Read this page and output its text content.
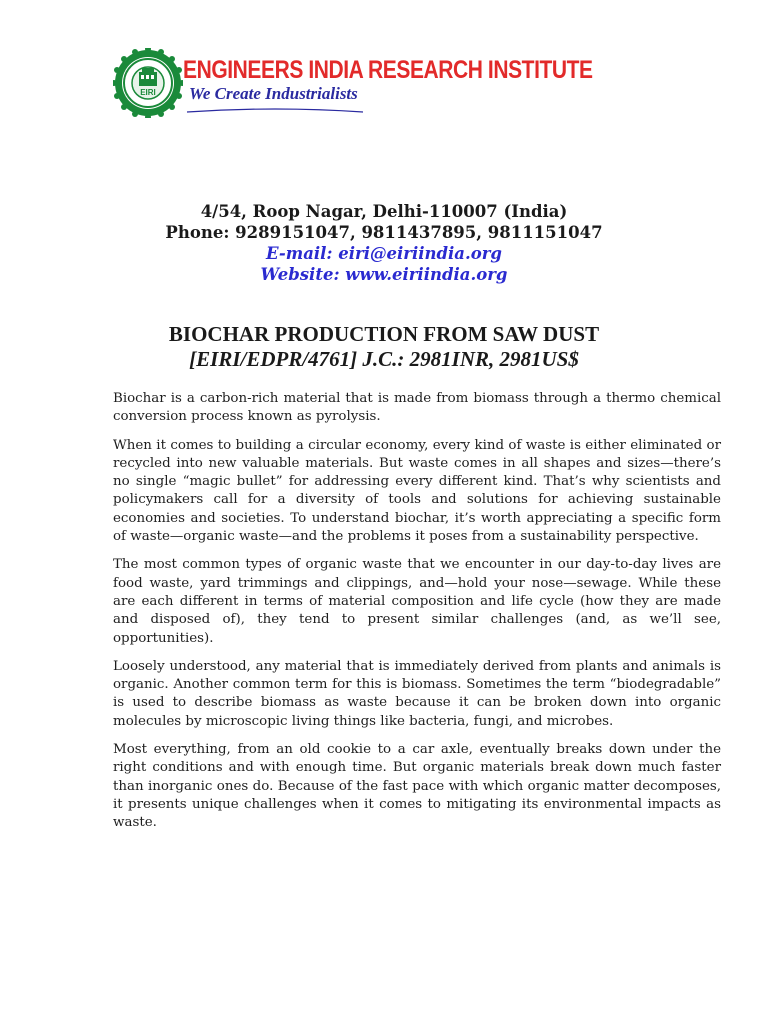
EIRI
ENGINEERS INDIA RESEARCH INSTITUTE
We Create Industrialists
4/54, Roop Nagar, Delhi-110007 (India)
Phone: 9289151047, 9811437895, 9811151047
E-mail: eiri@eiriindia.org
Website: www.eiriindia.org
BIOCHAR PRODUCTION FROM SAW DUST
[EIRI/EDPR/4761] J.C.: 2981INR, 2981US$

Biochar is a carbon-rich material that is made from biomass through a thermo chemical conversion process known as pyrolysis.

When it comes to building a circular economy, every kind of waste is either eliminated or recycled into new valuable materials. But waste comes in all shapes and sizes—there’s no single “magic bullet” for addressing every different kind. That’s why scientists and policymakers call for a diversity of tools and solutions for achieving sustainable economies and societies. To understand biochar, it’s worth appreciating a specific form of waste—organic waste—and the problems it poses from a sustainability perspective.

The most common types of organic waste that we encounter in our day-to-day lives are food waste, yard trimmings and clippings, and—hold your nose—sewage. While these are each different in terms of material composition and life cycle (how they are made and disposed of), they tend to present similar challenges (and, as we’ll see, opportunities).

Loosely understood, any material that is immediately derived from plants and animals is organic. Another common term for this is biomass. Sometimes the term “biodegradable” is used to describe biomass as waste because it can be broken down into organic molecules by microscopic living things like bacteria, fungi, and microbes.

Most everything, from an old cookie to a car axle, eventually breaks down under the right conditions and with enough time. But organic materials break down much faster than inorganic ones do. Because of the fast pace with which organic matter decomposes, it presents unique challenges when it comes to mitigating its environmental impacts as waste.
